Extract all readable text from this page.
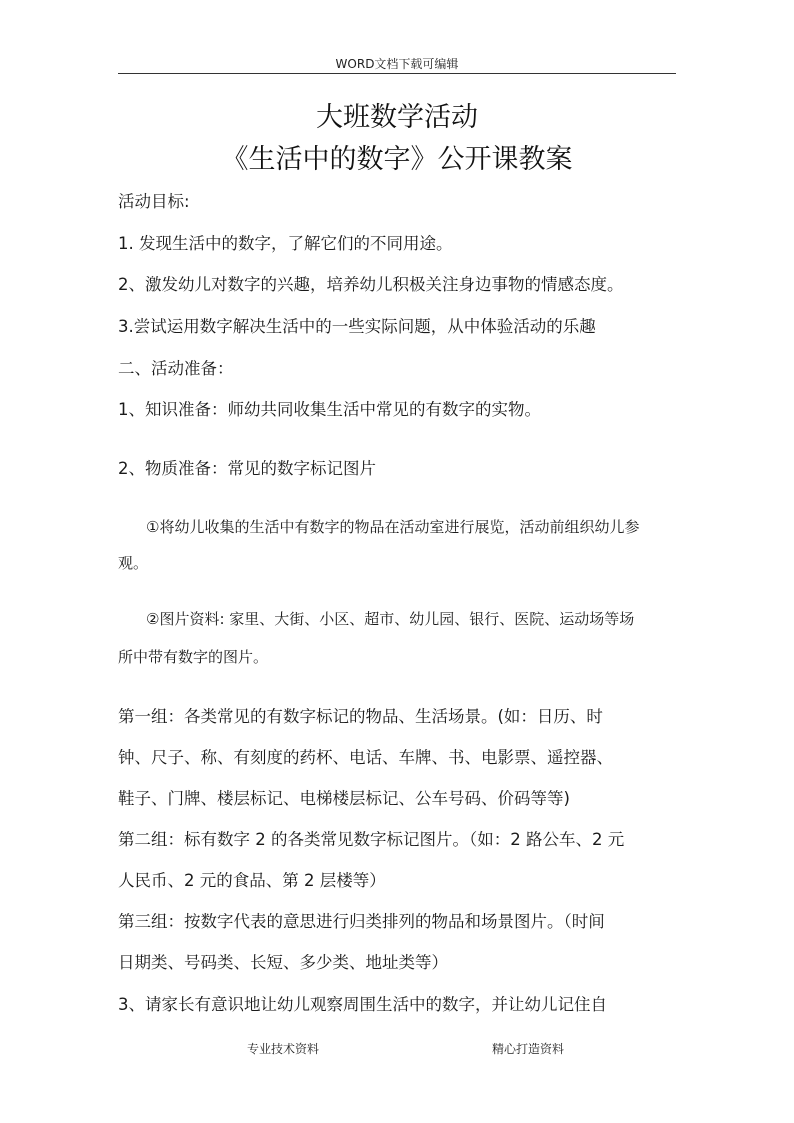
WORD文档下载可编辑
大班数学活动
《生活中的数字》公开课教案
活动目标:
1. 发现生活中的数字，了解它们的不同用途。
2、激发幼儿对数字的兴趣，培养幼儿积极关注身边事物的情感态度。
3.尝试运用数字解决生活中的一些实际问题，从中体验活动的乐趣
二、活动准备：
1、知识准备：师幼共同收集生活中常见的有数字的实物。
2、物质准备：常见的数字标记图片
①将幼儿收集的生活中有数字的物品在活动室进行展览，活动前组织幼儿参
观。
②图片资料: 家里、大街、小区、超市、幼儿园、银行、医院、运动场等场
所中带有数字的图片。
第一组：各类常见的有数字标记的物品、生活场景。(如：日历、时
钟、尺子、称、有刻度的药杯、电话、车牌、书、电影票、遥控器、
鞋子、门牌、楼层标记、电梯楼层标记、公车号码、价码等等)
第二组：标有数字 2 的各类常见数字标记图片。（如：2 路公车、2 元
人民币、2 元的食品、第 2 层楼等）
第三组：按数字代表的意思进行归类排列的物品和场景图片。（时间
日期类、号码类、长短、多少类、地址类等）
3、请家长有意识地让幼儿观察周围生活中的数字，并让幼儿记住自
专业技术资料	精心打造资料
